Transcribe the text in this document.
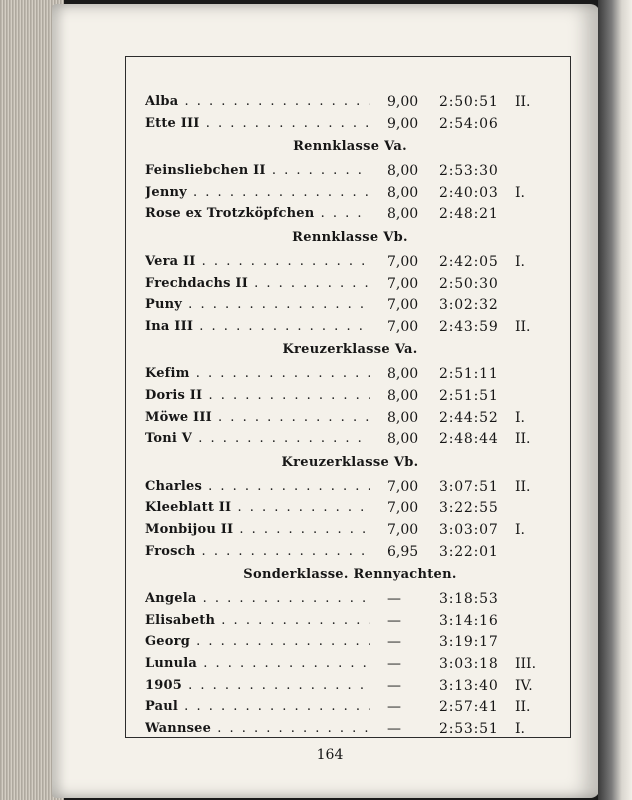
Alba . . .	9,00 2:50:51 II.
Ette III . . .	9,00 2:54:06
Rennklasse Va.
Feinsliebchen II . . .	8,00 2:53:30
Jenny . . .	8,00 2:40:03 I.
Rose ex Trotzköpfchen . . .	8,00 2:48:21
Rennklasse Vb.
Vera II . . .	7,00 2:42:05 I.
Frechdachs II . . .	7,00 2:50:30
Puny . . .	7,00 3:02:32
Ina III . . .	7,00 2:43:59 II.
Kreuzerklasse Va.
Kefim . . .	8,00 2:51:11
Doris II . . .	8,00 2:51:51
Möwe III . . .	8,00 2:44:52 I.
Toni V . . .	8,00 2:48:44 II.
Kreuzerklasse Vb.
Charles . . .	7,00 3:07:51 II.
Kleeblatt II . . .	7,00 3:22:55
Monbijou II . . .	7,00 3:03:07 I.
Frosch . . .	6,95 3:22:01
Sonderklasse. Rennyachten.
Angela . . .	—	3:18:53
Elisabeth . . .	—	3:14:16
Georg . . .	—	3:19:17
Lunula . . .	—	3:03:18 III.
1905 . . .	—	3:13:40 IV.
Paul . . .	—	2:57:41 II.
Wannsee . . .	—	2:53:51 I.
164
